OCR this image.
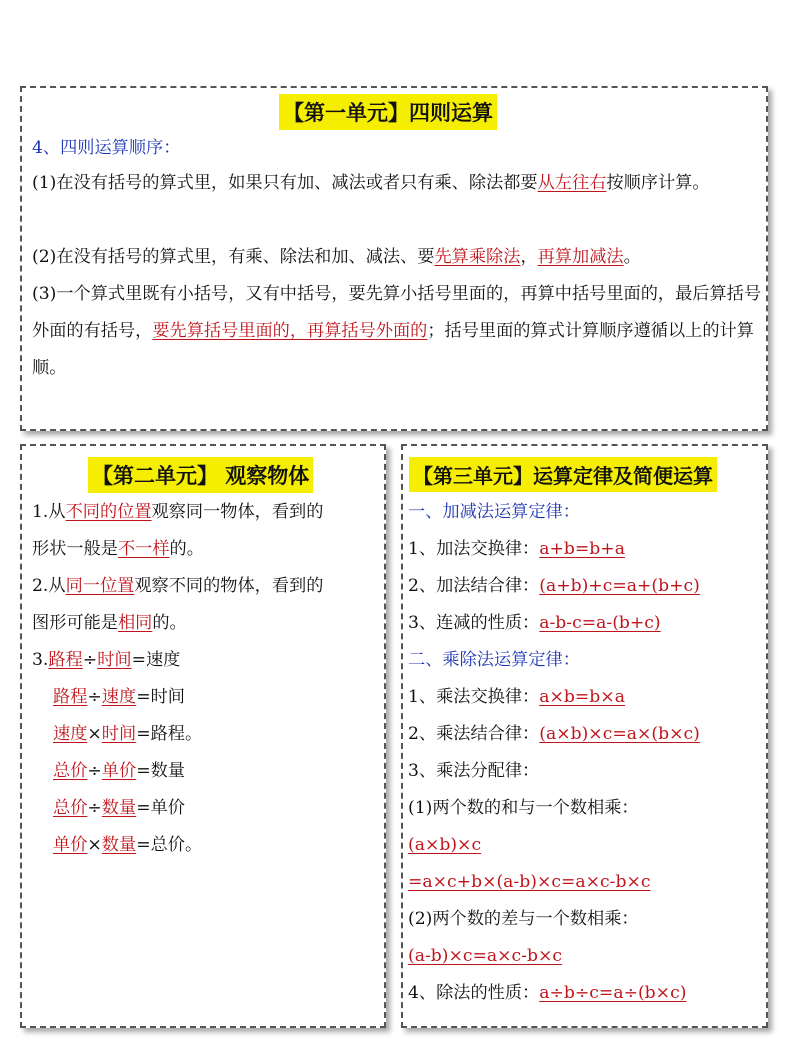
【第一单元】四则运算
4、四则运算顺序：
(1)在没有括号的算式里，如果只有加、减法或者只有乘、除法都要从左往右按顺序计算。
(2)在没有括号的算式里，有乘、除法和加、减法、要先算乘除法，再算加减法。
(3)一个算式里既有小括号，又有中括号，要先算小括号里面的，再算中括号里面的，最后算括号外面的有括号，要先算括号里面的，再算括号外面的；括号里面的算式计算顺序遵循以上的计算顺。
【第二单元】 观察物体
1.从不同的位置观察同一物体，看到的
形状一般是不一样的。
2.从同一位置观察不同的物体，看到的
图形可能是相同的。
3.路程÷时间=速度
路程÷速度=时间
速度×时间=路程。
总价÷单价=数量
总价÷数量=单价
单价×数量=总价。
【第三单元】运算定律及简便运算
一、加减法运算定律：
1、加法交换律：a+b=b+a
2、加法结合律：(a+b)+c=a+(b+c)
3、连减的性质：a-b-c=a-(b+c)
二、乘除法运算定律：
1、乘法交换律：a×b=b×a
2、乘法结合律：(a×b)×c=a×(b×c)
3、乘法分配律：
(1)两个数的和与一个数相乘：
(a×b)×c
=a×c+b×(a-b)×c=a×c-b×c
(2)两个数的差与一个数相乘：
(a-b)×c=a×c-b×c
4、除法的性质：a÷b÷c=a÷(b×c)
